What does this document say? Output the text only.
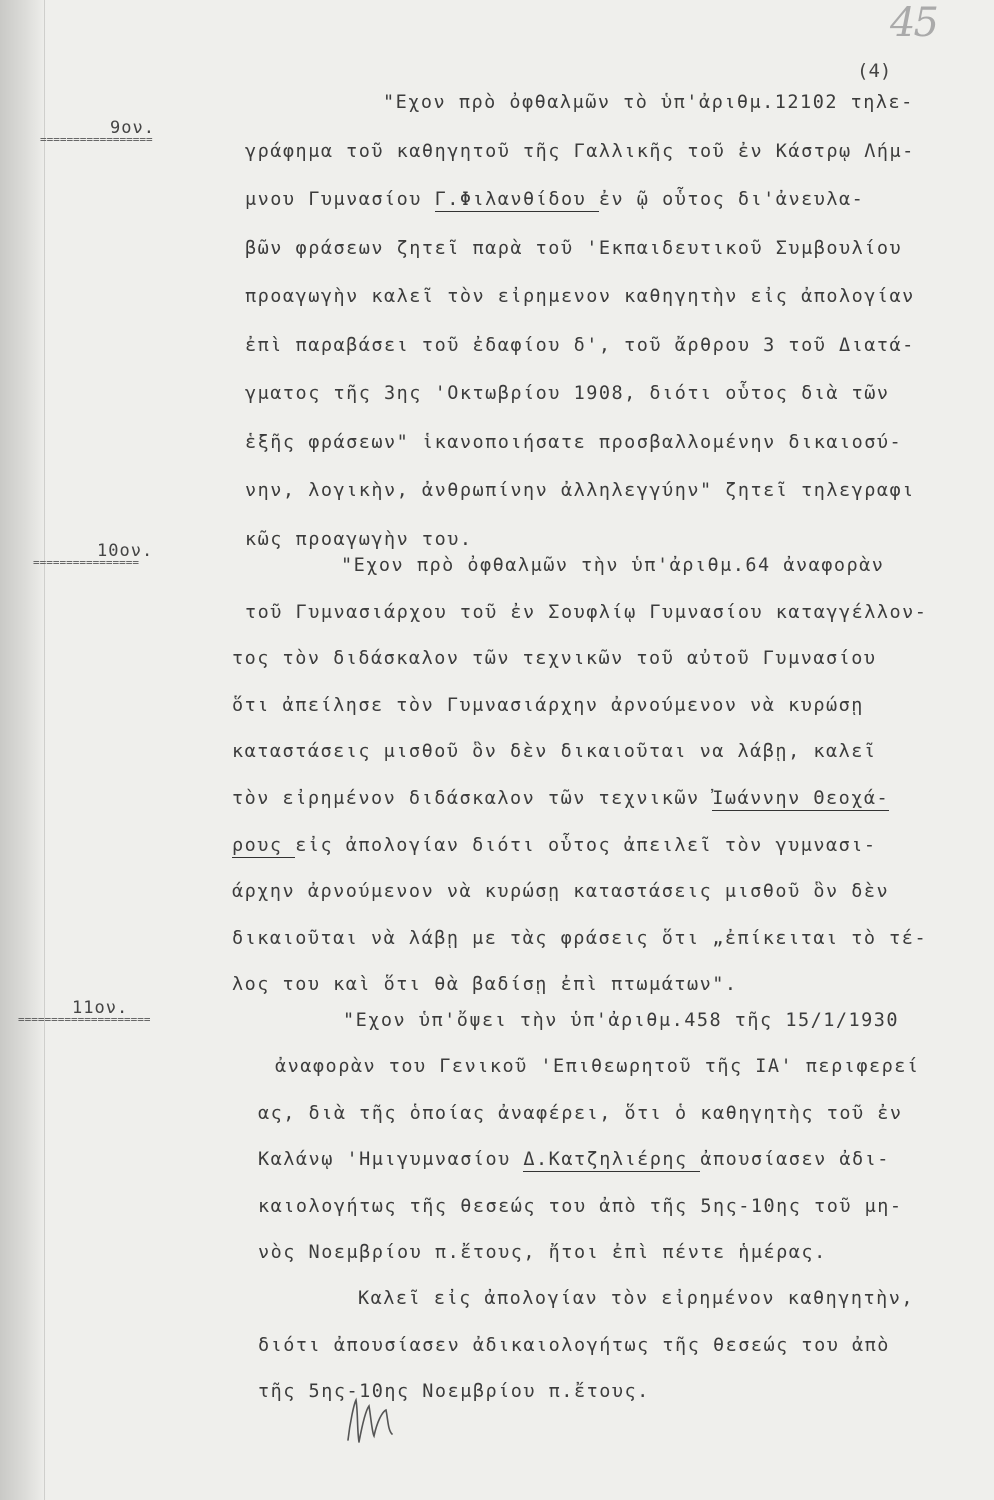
45
(4)
9ον.
=================
"Εχον πρὸ ὀφθαλμῶν τὸ ὑπ'ἀριθμ.12102 τηλε-
γράφημα τοῦ καθηγητοῦ τῆς Γαλλικῆς τοῦ ἐν Κάστρῳ Λήμ-
μνου Γυμνασίου Γ.Φιλανθίδου ἐν ῷ οὗτος δι'ἀνευλα-
βῶν φράσεων ζητεῖ παρὰ τοῦ 'Εκπαιδευτικοῦ Συμβουλίου
προαγωγὴν καλεῖ τὸν εἰρημενον καθηγητὴν εἰς ἀπολογίαν
ἐπὶ παραβάσει τοῦ ἐδαφίου δ', τοῦ ἄρθρου 3 τοῦ Διατά-
γματος τῆς 3ης 'Οκτωβρίου 1908, διότι οὗτος διὰ τῶν
ἑξῆς φράσεων" ἱκανοποιήσατε προσβαλλομένην δικαιοσύ-
νην, λογικὴν, ἀνθρωπίνην ἀλληλεγγύην" ζητεῖ τηλεγραφι
κῶς προαγωγὴν του.
10ον.
================	"Εχον πρὸ ὀφθαλμῶν τὴν ὑπ'ἀριθμ.64 ἀναφορὰν
τοῦ Γυμνασιάρχου τοῦ ἐν Σουφλίῳ Γυμνασίου καταγγέλλον-
τος τὸν διδάσκαλον τῶν τεχνικῶν τοῦ αὐτοῦ Γυμνασίου
ὅτι ἀπείλησε τὸν Γυμνασιάρχην ἀρνούμενον νὰ κυρώσῃ
καταστάσεις μισθοῦ ὃν δὲν δικαιοῦται να λάβῃ, καλεῖ
τὸν εἰρημένον διδάσκαλον τῶν τεχνικῶν Ἰωάννην Θεοχά-
ρους εἰς ἀπολογίαν διότι οὗτος ἀπειλεῖ τὸν γυμνασι-
άρχην ἀρνούμενον νὰ κυρώσῃ καταστάσεις μισθοῦ ὃν δὲν
δικαιοῦται νὰ λάβῃ με τὰς φράσεις ὅτι „ἐπίκειται τὸ τέ-
λος του καὶ ὅτι θὰ βαδίσῃ ἐπὶ πτωμάτων".
11ον.
====================	"Εχον ὑπ'ὄψει τὴν ὑπ'ἀριθμ.458 τῆς 15/1/1930
ἀναφορὰν του Γενικοῦ 'Επιθεωρητοῦ τῆς ΙΑ' περιφερεί
ας, διὰ τῆς ὁποίας ἀναφέρει, ὅτι ὁ καθηγητὴς τοῦ ἐν
Καλάνῳ 'Ημιγυμνασίου Δ.Κατζηλιέρης ἀπουσίασεν ἀδι-
καιολογήτως τῆς θεσεώς του ἀπὸ τῆς 5ης-10ης τοῦ μη-
νὸς Νοεμβρίου π.ἔτους, ἤτοι ἐπὶ πέντε ἡμέρας.
Καλεῖ εἰς ἀπολογίαν τὸν εἰρημένον καθηγητὴν,
διότι ἀπουσίασεν ἀδικαιολογήτως τῆς θεσεώς του ἀπὸ
τῆς 5ης-10ης Νοεμβρίου π.ἔτους.
